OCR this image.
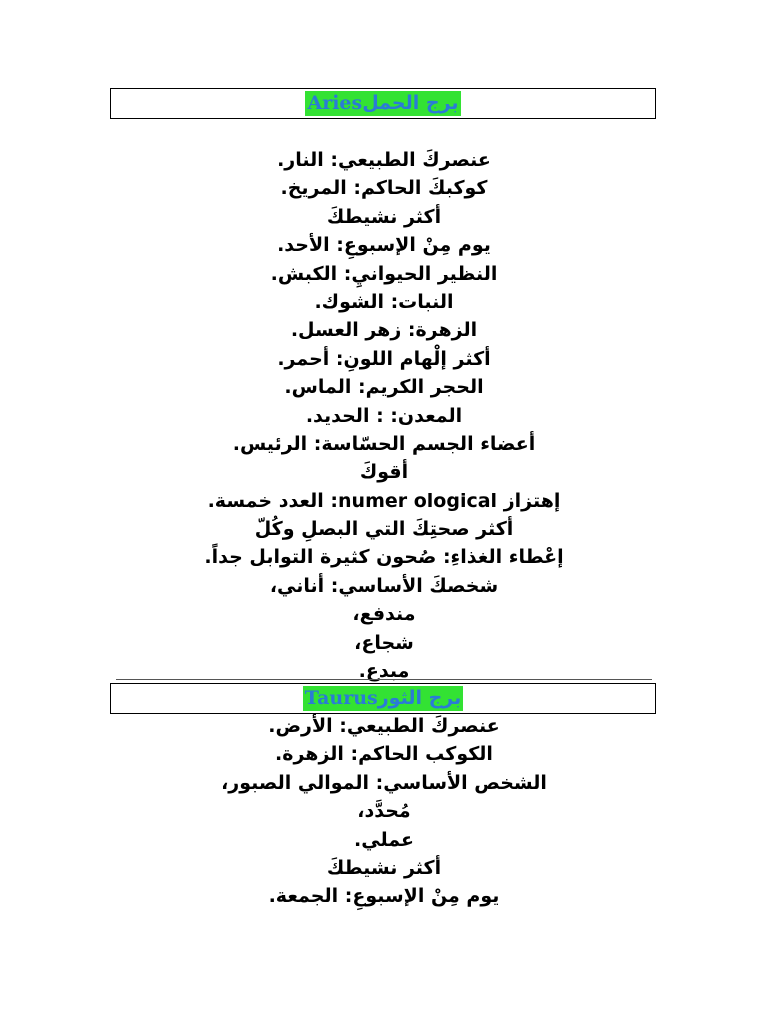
برج الحملAries
عنصركَ الطبيعي: النار.
كوكبكَ الحاكم: المريخ.
أكثر نشيطكَ
يوم مِنْ الإسبوعِ: الأحد.
النظير الحيوانيِ: الكبش.
النبات: الشوك.
الزهرة: زهر العسل.
أكثر إلْهام اللونِ: أحمر.
الحجر الكريم: الماس.
المعدن: : الحديد.
أعضاء الجسم الحسّاسة: الرئيس.
أقوكَ
إهتزاز numer ological: العدد خمسة.
أكثر صحتِكَ التي البصلِ وكُلّ
إعْطاء الغذاءِ: صُحون كثيرة التوابل جداً.
شخصكَ الأساسي: أناني،
مندفع،
شجاع،
مبدع.
برج الثورTaurus
عنصركَ الطبيعي: الأرض.
الكوكب الحاكم: الزهرة.
الشخص الأساسي: الموالي الصبور،
مُحدَّد،
عملي.
أكثر نشيطكَ
يوم مِنْ الإسبوعِ: الجمعة.
